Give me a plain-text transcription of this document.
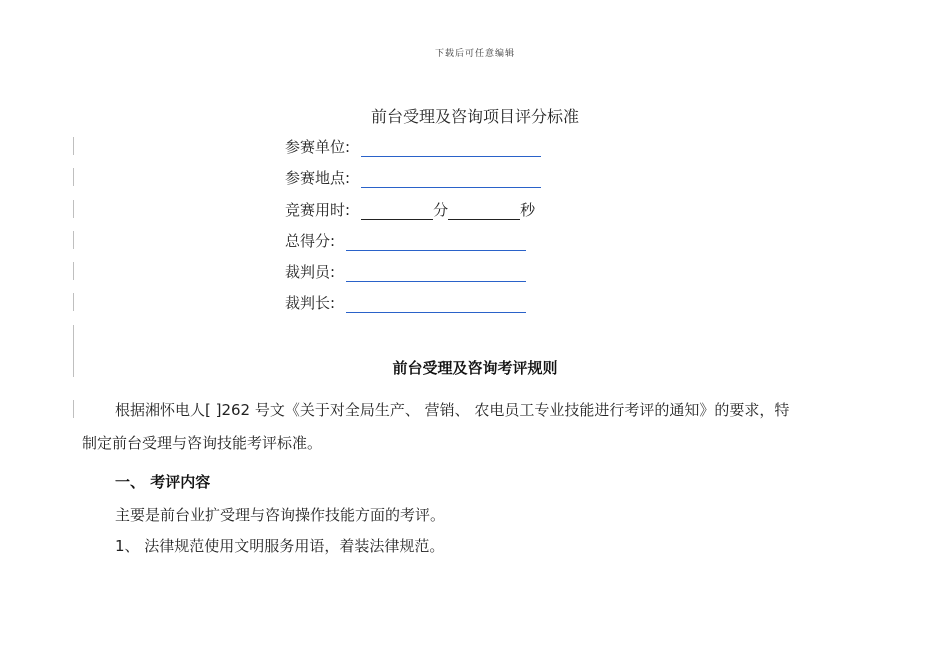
下载后可任意编辑
前台受理及咨询项目评分标准
参赛单位:
参赛地点:
竞赛用时:	分	秒
总得分:
裁判员:
裁判长:
前台受理及咨询考评规则
根据湘怀电人[ ]262 号文《关于对全局生产、 营销、 农电员工专业技能进行考评的通知》的要求，特
制定前台受理与咨询技能考评标准。
一、 考评内容
主要是前台业扩受理与咨询操作技能方面的考评。
1、 法律规范使用文明服务用语，着装法律规范。
